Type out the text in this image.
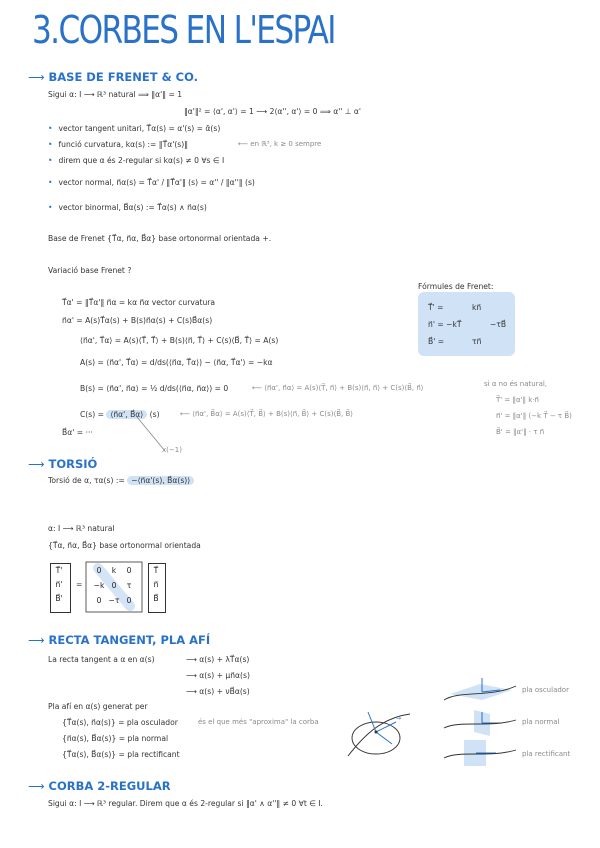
3.CORBES EN L'ESPAI
⟶ BASE DE FRENET & CO.
Sigui α: I ⟶ ℝ³ natural ⟹ ‖α'‖ = 1
‖α'‖² = ⟨α', α'⟩ = 1 ⟶ 2⟨α'', α'⟩ = 0 ⟹ α'' ⊥ α'
• vector tangent unitari, T⃗α(s) = α'(s) = ᾱ(s)
• funció curvatura, kα(s) := ‖T⃗α'(s)‖	⟵ en ℝ³, k ≥ 0 sempre
• direm que α és 2-regular si kα(s) ≠ 0 ∀s ∈ I
• vector normal, n⃗α(s) = T⃗α' / ‖T⃗α'‖ (s) = α'' / ‖α''‖ (s)
• vector binormal, B⃗α(s) := T⃗α(s) ∧ n⃗α(s)
Base de Frenet {T⃗α, n⃗α, B⃗α} base ortonormal orientada +.
Variació base Frenet ?
Fórmules de Frenet:
T⃗' =	kn⃗
n⃗' = −kT⃗	−τB⃗
B⃗' =	τn⃗
T⃗α' = ‖T⃗α'‖ n⃗α = kα n⃗α vector curvatura
n⃗α' = A(s)T⃗α(s) + B(s)n⃗α(s) + C(s)B⃗α(s)
⟨n⃗α', T⃗α⟩ = A(s)⟨T⃗, T⃗⟩ + B(s)⟨n⃗, T⃗⟩ + C(s)⟨B⃗, T⃗⟩ = A(s)
A(s) = ⟨n⃗α', T⃗α⟩ = d/ds(⟨n⃗α, T⃗α⟩) − ⟨n⃗α, T⃗α'⟩ = −kα
B(s) = ⟨n⃗α', n⃗α⟩ = ½ d/ds(⟨n⃗α, n⃗α⟩) = 0	⟵ ⟨n⃗α', n⃗α⟩ = A(s)⟨T⃗, n⃗⟩ + B(s)⟨n⃗, n⃗⟩ + C(s)⟨B⃗, n⃗⟩
C(s) = ⟨n⃗α', B⃗α⟩ (s)	⟵ ⟨n⃗α', B⃗α⟩ = A(s)⟨T⃗, B⃗⟩ + B(s)⟨n⃗, B⃗⟩ + C(s)⟨B⃗, B⃗⟩
B⃗α' = ···
x(−1)
si α no és natural,
T⃗' = ‖α'‖ k·n⃗
n⃗' = ‖α'‖ (−k T⃗ − τ B⃗)
B⃗' = ‖α'‖ · τ n⃗
⟶ TORSIÓ
Torsió de α, τα(s) := −⟨n⃗α'(s), B⃗α(s)⟩
α: I ⟶ ℝ³ natural
{T⃗α, n⃗α, B⃗α} base ortonormal orientada
T⃗'
n⃗'
B⃗'
=
0	k	0
−k 0	τ
0 −τ 0
T⃗
n⃗
B⃗
⟶ RECTA TANGENT, PLA AFÍ
La recta tangent a α en α(s)	⟶ α(s) + λT⃗α(s)
⟶ α(s) + μn⃗α(s)
⟶ α(s) + νB⃗α(s)
Pla afí en α(s) generat per
{T⃗α(s), n⃗α(s)} = pla osculador	és el que més "aproxima" la corba
{n⃗α(s), B⃗α(s)} = pla normal
{T⃗α(s), B⃗α(s)} = pla rectificant
→
pla osculador
pla normal
pla rectificant
⟶ CORBA 2-REGULAR
Sigui α: I ⟶ ℝ³ regular. Direm que α és 2-regular si ‖α' ∧ α''‖ ≠ 0 ∀t ∈ I.
